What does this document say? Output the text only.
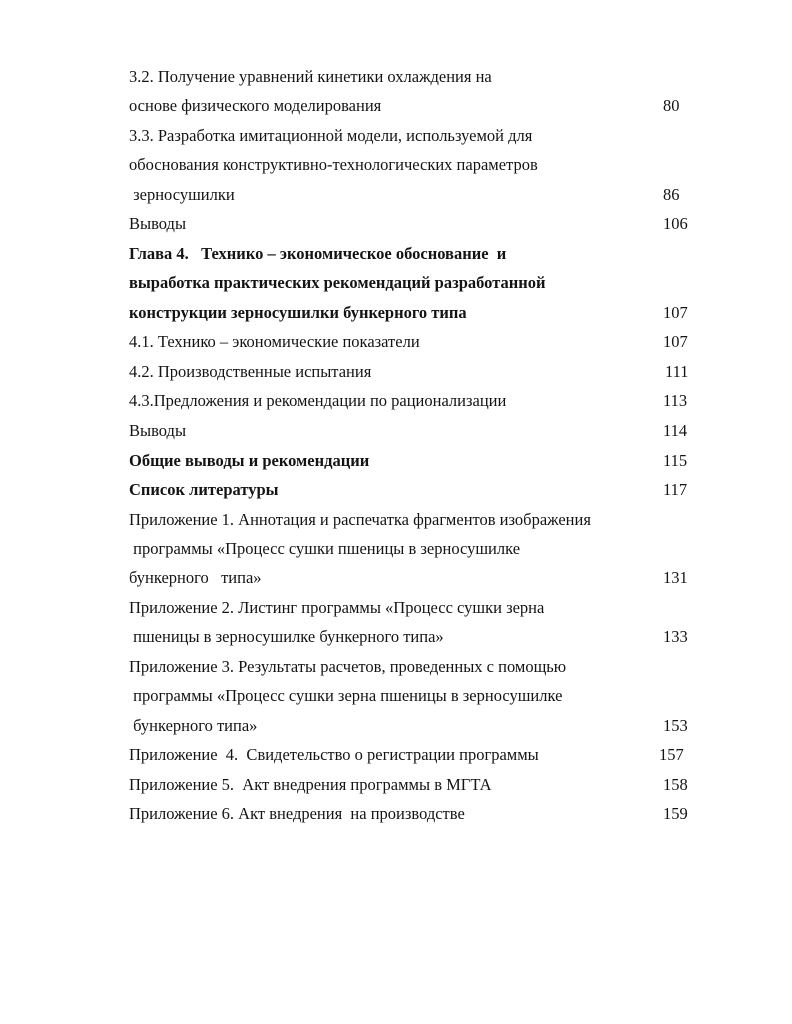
3.2. Получение уравнений кинетики охлаждения на
основе физического моделирования	80
3.3. Разработка имитационной модели, используемой для
обоснования конструктивно-технологических параметров
зерносушилки	86
Выводы	106
Глава 4.   Технико – экономическое обоснование  и
выработка практических рекомендаций разработанной
конструкции зерносушилки бункерного типа	107
4.1. Технико – экономические показатели	107
4.2. Производственные испытания	111
4.3.Предложения и рекомендации по рационализации	113
Выводы	114
Общие выводы и рекомендации	115
Список литературы	117
Приложение 1. Аннотация и распечатка фрагментов изображения
программы «Процесс сушки пшеницы в зерносушилке
бункерного   типа»	131
Приложение 2. Листинг программы «Процесс сушки зерна
пшеницы в зерносушилке бункерного типа»	133
Приложение 3. Результаты расчетов, проведенных с помощью
программы «Процесс сушки зерна пшеницы в зерносушилке
бункерного типа»	153
Приложение  4.  Свидетельство о регистрации программы	157
Приложение 5.  Акт внедрения программы в МГТА	158
Приложение 6. Акт внедрения  на производстве	159
